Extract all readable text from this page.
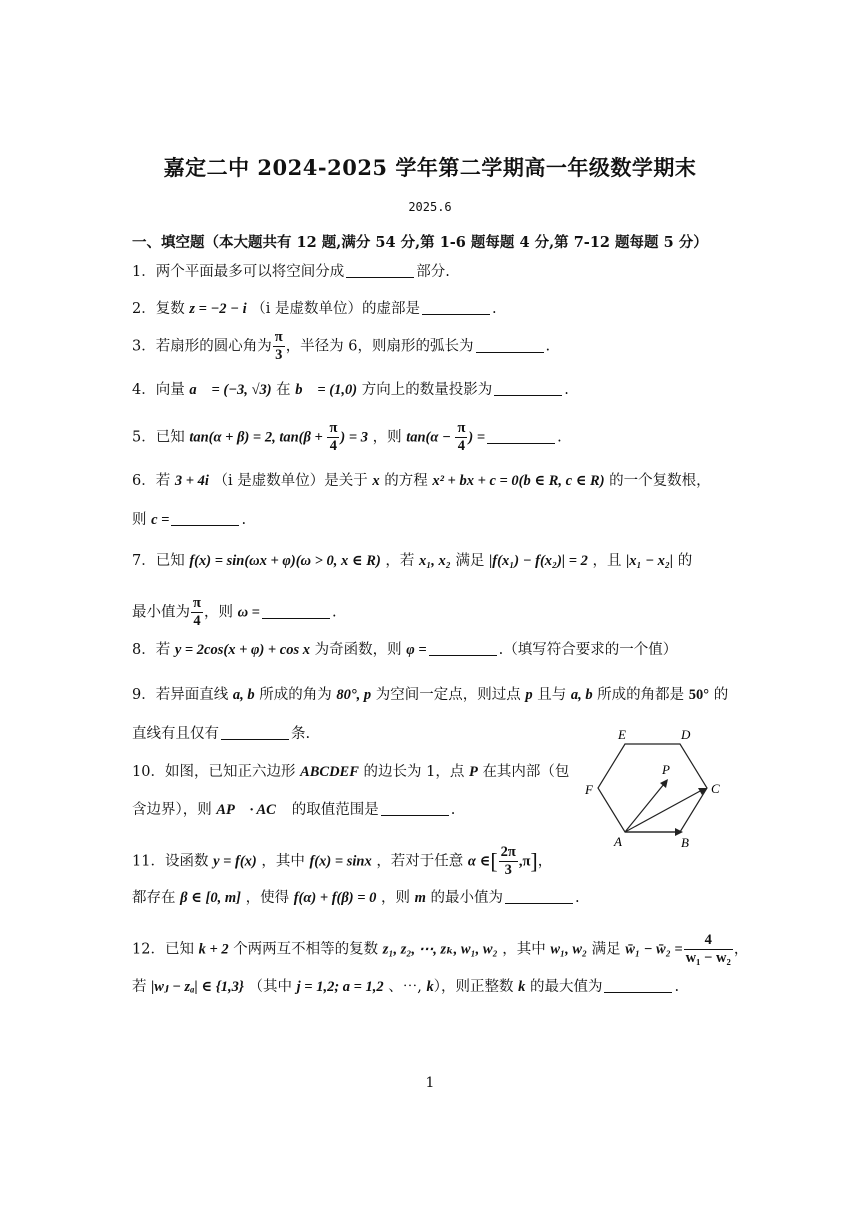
嘉定二中 2024-2025 学年第二学期高一年级数学期末
2025.6
一、填空题（本大题共有 12 题,满分 54 分,第 1-6 题每题 4 分,第 7-12 题每题 5 分）
1．两个平面最多可以将空间分成	部分.
2．复数 z = −2 − i （i 是虚数单位）的虚部是	.
3．若扇形的圆心角为 $\frac{\pi}{3}$ ，半径为 6，则扇形的弧长为	.
4．向量 a⃗ = (−3, √3) 在 b⃗ = (1,0) 方向上的数量投影为	.
5．已知 tan(α + β) = 2, $\tan(\beta + \frac{\pi}{4}$ ) = 3 ，则 $\tan(\alpha - \frac{\pi}{4}$ ) =	.
6．若 3 + 4i （i 是虚数单位）是关于 x 的方程 x² + bx + c = 0(b ∈ R, c ∈ R) 的一个复数根，
则 c =	.
7．已知 f(x) = sin(ωx + φ)(ω > 0, x ∈ R) ，若 x₁, x₂ 满足 |f(x₁) − f(x₂)| = 2 ，且 |x₁ − x₂| 的
最小值为 $\frac{\pi}{4}$ ，则 ω =	.
8．若 y = 2cos(x + φ) + cos x 为奇函数，则 φ =	.（填写符合要求的一个值）
9．若异面直线 a, b 所成的角为 80°, p 为空间一定点，则过点 p 且与 a, b 所成的角都是 50° 的
直线有且仅有	条.
10．如图，已知正六边形 ABCDEF 的边长为 1，点 P 在其内部（包
含边界），则 AP⃗ · AC⃗ 的取值范围是	.
A	B
C
D
E
F
P
11．设函数 y = f(x) ，其中 f(x) = sinx ，若对于任意 α ∈[ $\frac{2\pi}{3} ,\pi$]，
都存在 β ∈ [0, m] ，使得 f(α) + f(β) = 0 ，则 m 的最小值为	.
12．已知 k + 2 个两两互不相等的复数 z₁, z₂, ⋯, zₖ, w₁, w₂ ，其中 w₁, w₂ 满足 w̄₁ − w̄₂ = $\frac{4}{\text{w₁ − w₂}}$ ，
若 |wⱼ − zₐ| ∈ {1,3} （其中 j = 1,2; a = 1,2 、⋯, k），则正整数 k 的最大值为	.
1
